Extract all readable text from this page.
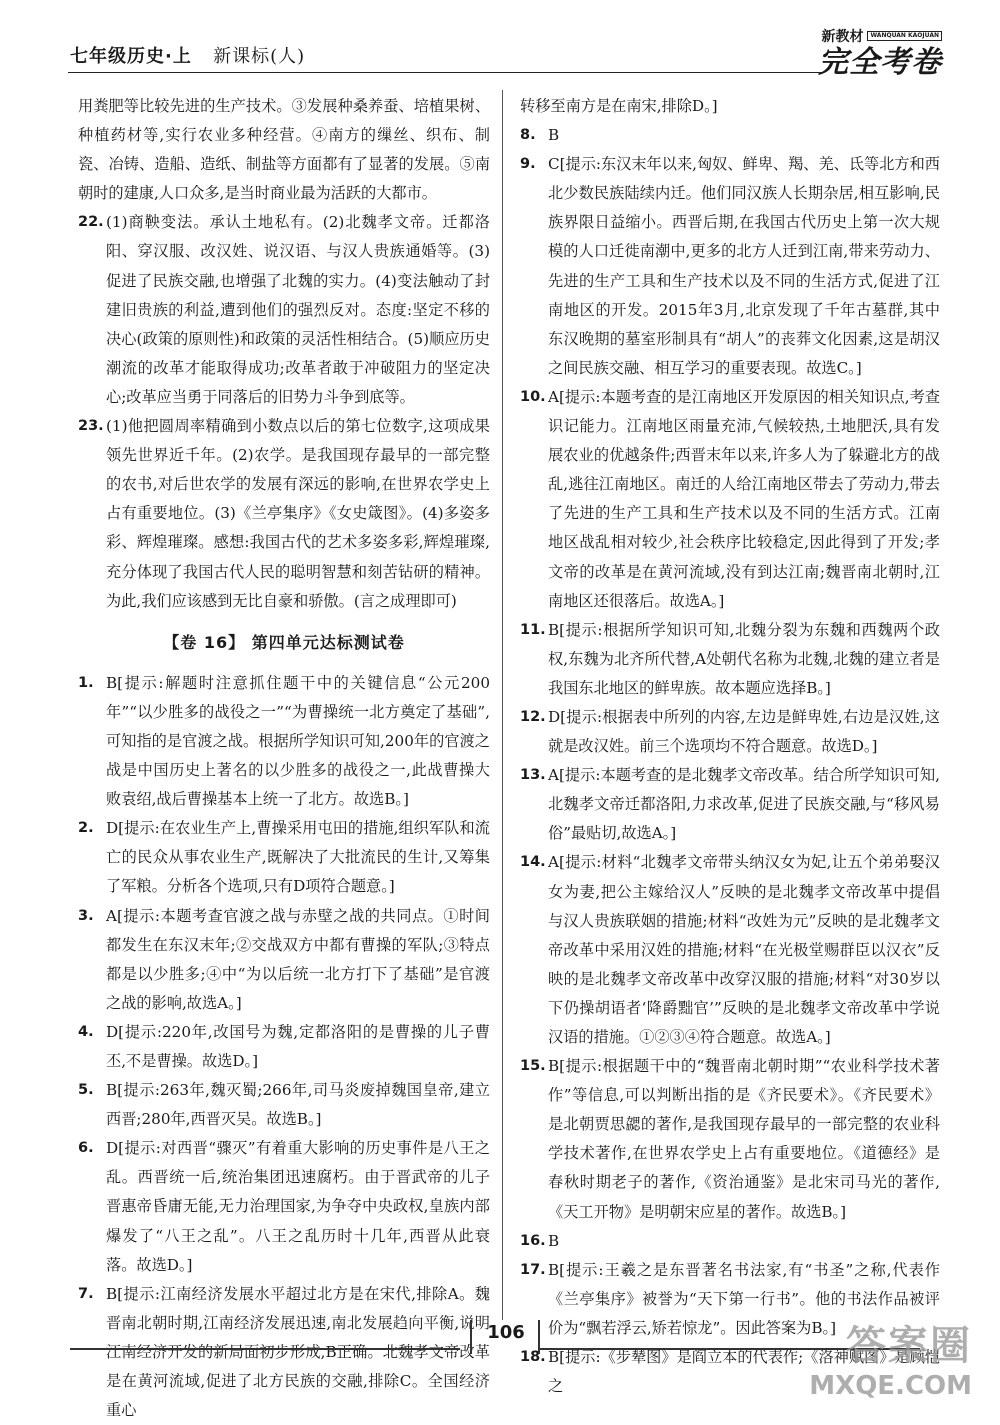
七年级历史·上 新课标(人)
新教材	WANQUAN KAOJUAN
完全考卷

用粪肥等比较先进的生产技术。③发展种桑养蚕、培植果树、种植药材等,实行农业多种经营。④南方的缫丝、织布、制瓷、冶铸、造船、造纸、制盐等方面都有了显著的发展。⑤南朝时的建康,人口众多,是当时商业最为活跃的大都市。

22. (1)商鞅变法。承认土地私有。(2)北魏孝文帝。迁都洛阳、穿汉服、改汉姓、说汉语、与汉人贵族通婚等。(3)促进了民族交融,也增强了北魏的实力。(4)变法触动了封建旧贵族的利益,遭到他们的强烈反对。态度:坚定不移的决心(政策的原则性)和政策的灵活性相结合。(5)顺应历史潮流的改革才能取得成功;改革者敢于冲破阻力的坚定决心;改革应当勇于同落后的旧势力斗争到底等。
23. (1)他把圆周率精确到小数点以后的第七位数字,这项成果领先世界近千年。(2)农学。是我国现存最早的一部完整的农书,对后世农学的发展有深远的影响,在世界农学史上占有重要地位。(3)《兰亭集序》《女史箴图》。(4)多姿多彩、辉煌璀璨。感想:我国古代的艺术多姿多彩,辉煌璀璨,充分体现了我国古代人民的聪明智慧和刻苦钻研的精神。为此,我们应该感到无比自豪和骄傲。(言之成理即可)
【卷 16】 第四单元达标测试卷
1. B[提示:解题时注意抓住题干中的关键信息“公元200年”“以少胜多的战役之一”“为曹操统一北方奠定了基础”,可知指的是官渡之战。根据所学知识可知,200年的官渡之战是中国历史上著名的以少胜多的战役之一,此战曹操大败袁绍,战后曹操基本上统一了北方。故选B。]
2. D[提示:在农业生产上,曹操采用屯田的措施,组织军队和流亡的民众从事农业生产,既解决了大批流民的生计,又筹集了军粮。分析各个选项,只有D项符合题意。]
3. A[提示:本题考查官渡之战与赤壁之战的共同点。①时间都发生在东汉末年;②交战双方中都有曹操的军队;③特点都是以少胜多;④中“为以后统一北方打下了基础”是官渡之战的影响,故选A。]
4. D[提示:220年,改国号为魏,定都洛阳的是曹操的儿子曹丕,不是曹操。故选D。]
5. B[提示:263年,魏灭蜀;266年,司马炎废掉魏国皇帝,建立西晋;280年,西晋灭吴。故选B。]
6. D[提示:对西晋“骤灭”有着重大影响的历史事件是八王之乱。西晋统一后,统治集团迅速腐朽。由于晋武帝的儿子晋惠帝昏庸无能,无力治理国家,为争夺中央政权,皇族内部爆发了“八王之乱”。八王之乱历时十几年,西晋从此衰落。故选D。]
7. B[提示:江南经济发展水平超过北方是在宋代,排除A。魏晋南北朝时期,江南经济发展迅速,南北发展趋向平衡,说明江南经济开发的新局面初步形成,B正确。北魏孝文帝改革是在黄河流域,促进了北方民族的交融,排除C。全国经济重心

转移至南方是在南宋,排除D。]

8. B
9. C[提示:东汉末年以来,匈奴、鲜卑、羯、羌、氐等北方和西北少数民族陆续内迁。他们同汉族人长期杂居,相互影响,民族界限日益缩小。西晋后期,在我国古代历史上第一次大规模的人口迁徙南潮中,更多的北方人迁到江南,带来劳动力、先进的生产工具和生产技术以及不同的生活方式,促进了江南地区的开发。2015年3月,北京发现了千年古墓群,其中东汉晚期的墓室形制具有“胡人”的丧葬文化因素,这是胡汉之间民族交融、相互学习的重要表现。故选C。]
10. A[提示:本题考查的是江南地区开发原因的相关知识点,考查识记能力。江南地区雨量充沛,气候较热,土地肥沃,具有发展农业的优越条件;西晋末年以来,许多人为了躲避北方的战乱,逃往江南地区。南迁的人给江南地区带去了劳动力,带去了先进的生产工具和生产技术以及不同的生活方式。江南地区战乱相对较少,社会秩序比较稳定,因此得到了开发;孝文帝的改革是在黄河流域,没有到达江南;魏晋南北朝时,江南地区还很落后。故选A。]
11. B[提示:根据所学知识可知,北魏分裂为东魏和西魏两个政权,东魏为北齐所代替,A处朝代名称为北魏,北魏的建立者是我国东北地区的鲜卑族。故本题应选择B。]
12. D[提示:根据表中所列的内容,左边是鲜卑姓,右边是汉姓,这就是改汉姓。前三个选项均不符合题意。故选D。]
13. A[提示:本题考查的是北魏孝文帝改革。结合所学知识可知,北魏孝文帝迁都洛阳,力求改革,促进了民族交融,与“移风易俗”最贴切,故选A。]
14. A[提示:材料“北魏孝文帝带头纳汉女为妃,让五个弟弟娶汉女为妻,把公主嫁给汉人”反映的是北魏孝文帝改革中提倡与汉人贵族联姻的措施;材料“改姓为元”反映的是北魏孝文帝改革中采用汉姓的措施;材料“在光极堂赐群臣以汉衣”反映的是北魏孝文帝改革中改穿汉服的措施;材料“对30岁以下仍操胡语者‘降爵黜官’”反映的是北魏孝文帝改革中学说汉语的措施。①②③④符合题意。故选A。]
15. B[提示:根据题干中的“魏晋南北朝时期”“农业科学技术著作”等信息,可以判断出指的是《齐民要术》。《齐民要术》是北朝贾思勰的著作,是我国现存最早的一部完整的农业科学技术著作,在世界农学史上占有重要地位。《道德经》是春秋时期老子的著作,《资治通鉴》是北宋司马光的著作,《天工开物》是明朝宋应星的著作。故选B。]
16. B
17. B[提示:王羲之是东晋著名书法家,有“书圣”之称,代表作《兰亭集序》被誉为“天下第一行书”。他的书法作品被评价为“飘若浮云,矫若惊龙”。因此答案为B。]
18. B[提示:《步辇图》是阎立本的代表作;《洛神赋图》是顾恺之
106	答案圈
MXQE.COM
